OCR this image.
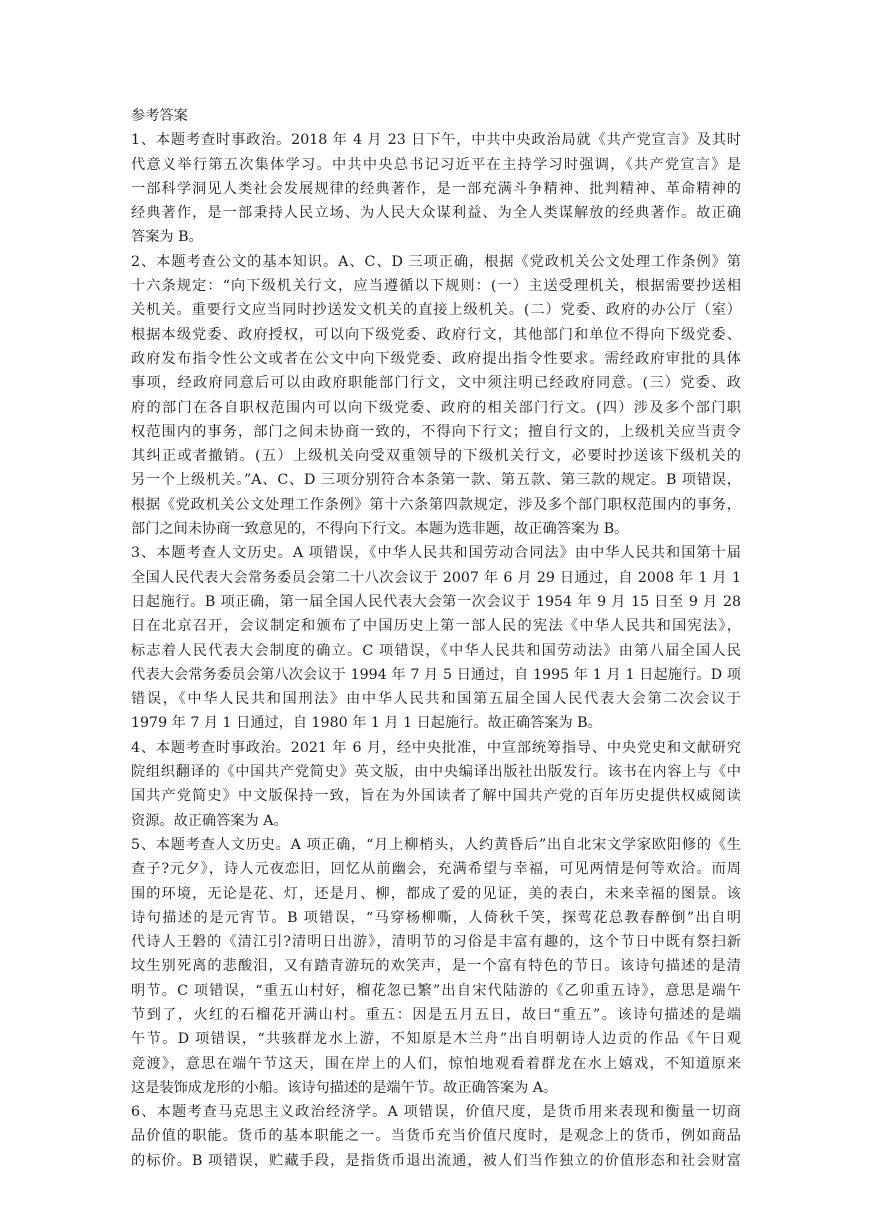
参考答案
1、本题考查时事政治。2018 年 4 月 23 日下午，中共中央政治局就《共产党宣言》及其时
代意义举行第五次集体学习。中共中央总书记习近平在主持学习时强调，《共产党宣言》是
一部科学洞见人类社会发展规律的经典著作，是一部充满斗争精神、批判精神、革命精神的
经典著作，是一部秉持人民立场、为人民大众谋利益、为全人类谋解放的经典著作。故正确
答案为 B。
2、本题考查公文的基本知识。A、C、D 三项正确，根据《党政机关公文处理工作条例》第
十六条规定：“向下级机关行文，应当遵循以下规则：(一）主送受理机关，根据需要抄送相
关机关。重要行文应当同时抄送发文机关的直接上级机关。(二）党委、政府的办公厅（室）
根据本级党委、政府授权，可以向下级党委、政府行文，其他部门和单位不得向下级党委、
政府发布指令性公文或者在公文中向下级党委、政府提出指令性要求。需经政府审批的具体
事项，经政府同意后可以由政府职能部门行文，文中须注明已经政府同意。(三）党委、政
府的部门在各自职权范围内可以向下级党委、政府的相关部门行文。(四）涉及多个部门职
权范围内的事务，部门之间未协商一致的，不得向下行文；擅自行文的，上级机关应当责令
其纠正或者撤销。(五）上级机关向受双重领导的下级机关行文，必要时抄送该下级机关的
另一个上级机关。”A、C、D 三项分别符合本条第一款、第五款、第三款的规定。B 项错误，
根据《党政机关公文处理工作条例》第十六条第四款规定，涉及多个部门职权范围内的事务，
部门之间未协商一致意见的，不得向下行文。本题为选非题，故正确答案为 B。
3、本题考查人文历史。A 项错误，《中华人民共和国劳动合同法》由中华人民共和国第十届
全国人民代表大会常务委员会第二十八次会议于 2007 年 6 月 29 日通过，自 2008 年 1 月 1
日起施行。B 项正确，第一届全国人民代表大会第一次会议于 1954 年 9 月 15 日至 9 月 28
日在北京召开，会议制定和颁布了中国历史上第一部人民的宪法《中华人民共和国宪法》，
标志着人民代表大会制度的确立。C 项错误，《中华人民共和国劳动法》由第八届全国人民
代表大会常务委员会第八次会议于 1994 年 7 月 5 日通过，自 1995 年 1 月 1 日起施行。D 项
错误，《中华人民共和国刑法》由中华人民共和国第五届全国人民代表大会第二次会议于
1979 年 7 月 1 日通过，自 1980 年 1 月 1 日起施行。故正确答案为 B。
4、本题考查时事政治。2021 年 6 月，经中央批准，中宣部统筹指导、中央党史和文献研究
院组织翻译的《中国共产党简史》英文版，由中央编译出版社出版发行。该书在内容上与《中
国共产党简史》中文版保持一致，旨在为外国读者了解中国共产党的百年历史提供权威阅读
资源。故正确答案为 A。
5、本题考查人文历史。A 项正确，“月上柳梢头，人约黄昏后”出自北宋文学家欧阳修的《生
查子?元夕》，诗人元夜恋旧，回忆从前幽会，充满希望与幸福，可见两情是何等欢洽。而周
围的环境，无论是花、灯，还是月、柳，都成了爱的见证，美的表白，未来幸福的图景。该
诗句描述的是元宵节。B 项错误，“马穿杨柳嘶，人倚秋千笑，探莺花总教春醉倒”出自明
代诗人王磐的《清江引?清明日出游》，清明节的习俗是丰富有趣的，这个节日中既有祭扫新
坟生别死离的悲酸泪，又有踏青游玩的欢笑声，是一个富有特色的节日。该诗句描述的是清
明节。C 项错误，“重五山村好，榴花忽已繁”出自宋代陆游的《乙卯重五诗》，意思是端午
节到了，火红的石榴花开满山村。重五：因是五月五日，故曰“重五”。该诗句描述的是端
午节。D 项错误，“共骇群龙水上游，不知原是木兰舟”出自明朝诗人边贡的作品《午日观
竞渡》，意思在端午节这天，围在岸上的人们，惊怕地观看着群龙在水上嬉戏，不知道原来
这是装饰成龙形的小船。该诗句描述的是端午节。故正确答案为 A。
6、本题考查马克思主义政治经济学。A 项错误，价值尺度，是货币用来表现和衡量一切商
品价值的职能。货币的基本职能之一。当货币充当价值尺度时，是观念上的货币，例如商品
的标价。B 项错误，贮藏手段，是指货币退出流通，被人们当作独立的价值形态和社会财富
